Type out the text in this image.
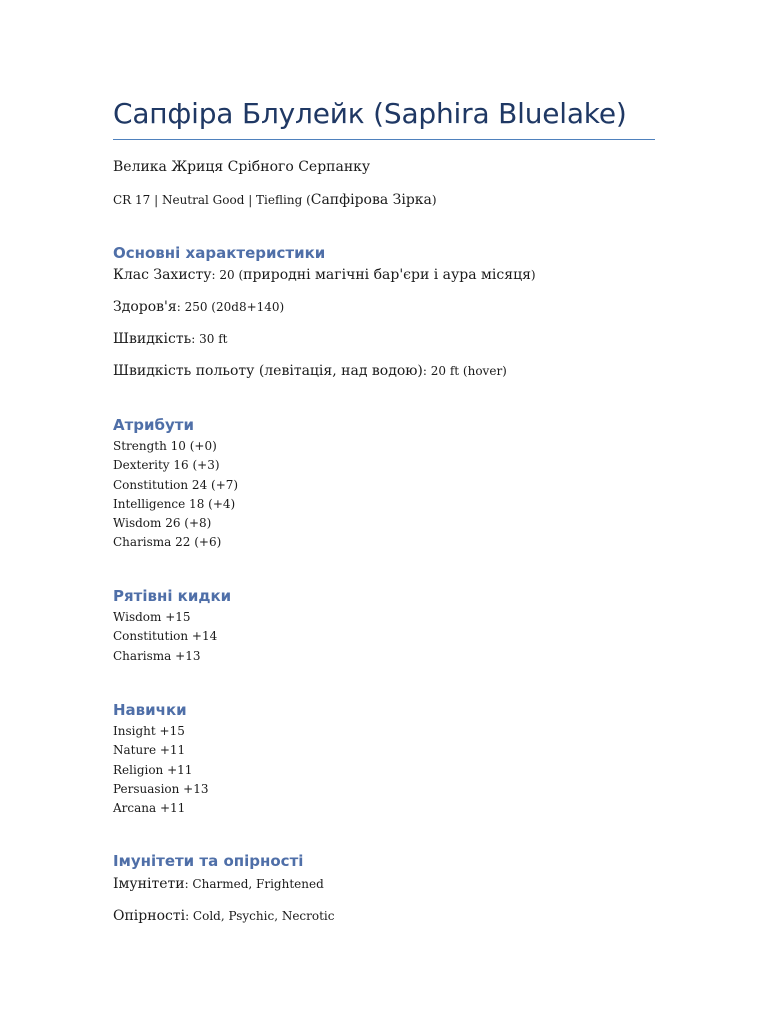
Сапфіра Блулейк (Saphira Bluelake)
Велика Жриця Срібного Серпанку
CR 17 | Neutral Good | Tiefling (Сапфірова Зірка)
Основні характеристики
Клас Захисту: 20 (природні магічні бар'єри і аура місяця)
Здоров'я: 250 (20d8+140)
Швидкість: 30 ft
Швидкість польоту (левітація, над водою): 20 ft (hover)
Атрибути
Strength 10 (+0)
Dexterity 16 (+3)
Constitution 24 (+7)
Intelligence 18 (+4)
Wisdom 26 (+8)
Charisma 22 (+6)
Рятівні кидки
Wisdom +15
Constitution +14
Charisma +13
Навички
Insight +15
Nature +11
Religion +11
Persuasion +13
Arcana +11
Імунітети та опірності
Імунітети: Charmed, Frightened
Опірності: Cold, Psychic, Necrotic
